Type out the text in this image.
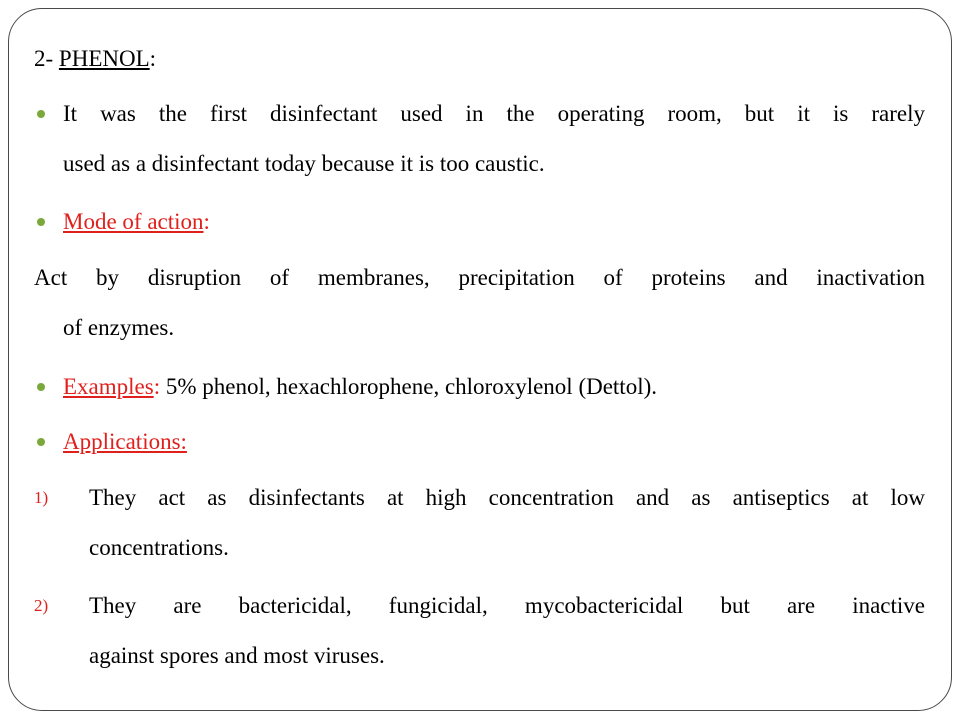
2- PHENOL:
It was the first disinfectant used in the operating room, but it is rarely
used as a disinfectant today because it is too caustic.
Mode of action:
Act by disruption of membranes, precipitation of proteins and inactivation
of enzymes.
Examples: 5% phenol, hexachlorophene, chloroxylenol (Dettol).
Applications:
1) They act as disinfectants at high concentration and as antiseptics at low
concentrations.
2) They are bactericidal, fungicidal, mycobactericidal but are inactive
against spores and most viruses.
